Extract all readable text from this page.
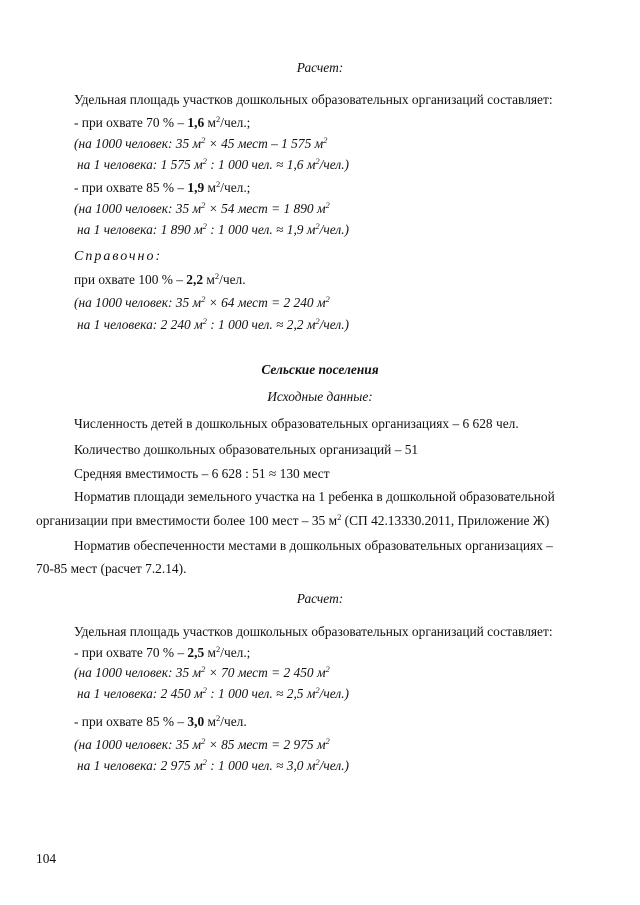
Расчет:
Удельная площадь участков дошкольных образовательных организаций составляет:
- при охвате 70 % – 1,6 $м^2$/чел.;
(на 1000 человек: 35 $м^2 \times 45$ мест – 1 575 $м^2$
на 1 человека: 1 575 $м^2$ : 1 000 чел. ≈ 1,6 $м^2/чел$.)
- при охвате 85 % – 1,9 $м^2$/чел.;
(на 1000 человек: 35 $м^2 \times 54$ мест = 1 890 $м^2$
на 1 человека: 1 890 $м^2$ : 1 000 чел. ≈ 1,9 $м^2/чел$.)
Справочно:
при охвате 100 % – 2,2 $м^2$/чел.
(на 1000 человек: 35 $м^2 \times 64$ мест = 2 240 $м^2$
на 1 человека: 2 240 $м^2$ : 1 000 чел. ≈ 2,2 $м^2/чел$.)
Сельские поселения
Исходные данные:
Численность детей в дошкольных образовательных организациях – 6 628 чел.
Количество дошкольных образовательных организаций – 51
Средняя вместимость – 6 628 : 51 ≈ 130 мест
Норматив площади земельного участка на 1 ребенка в дошкольной образовательной
организации при вместимости более 100 мест – 35 $м^2$ (СП 42.13330.2011, Приложение Ж)
Норматив обеспеченности местами в дошкольных образовательных организациях –
70-85 мест (расчет 7.2.14).
Расчет:
Удельная площадь участков дошкольных образовательных организаций составляет:
- при охвате 70 % – 2,5 $м^2$/чел.;
(на 1000 человек: 35 $м^2 \times 70$ мест = 2 450 $м^2$
на 1 человека: 2 450 $м^2$ : 1 000 чел. ≈ 2,5 $м^2/чел$.)
- при охвате 85 % – 3,0 $м^2$/чел.
(на 1000 человек: 35 $м^2 \times 85$ мест = 2 975 $м^2$
на 1 человека: 2 975 $м^2$ : 1 000 чел. ≈ 3,0 $м^2/чел$.)
104
